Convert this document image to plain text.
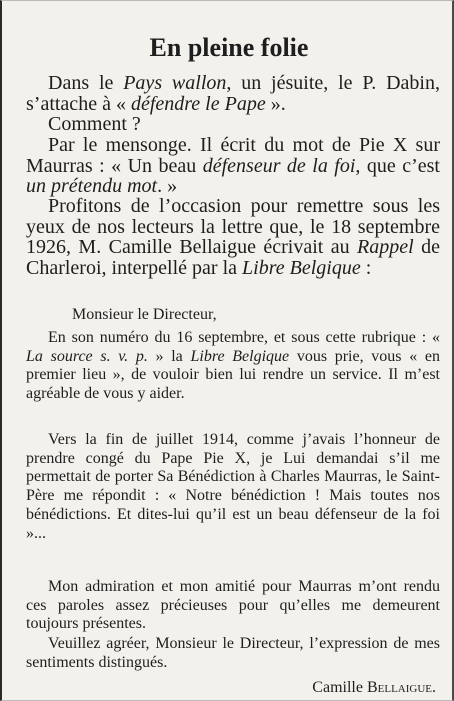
En pleine folie
Dans le Pays wallon, un jésuite, le P. Dabin, s’attache à « défendre le Pape ».
Comment ?
Par le mensonge. Il écrit du mot de Pie X sur Maurras : « Un beau défenseur de la foi, que c’est un prétendu mot. »
Profitons de l’occasion pour remettre sous les yeux de nos lecteurs la lettre que, le 18 septembre 1926, M. Camille Bellaigue écrivait au Rappel de Charleroi, interpellé par la Libre Belgique :
Monsieur le Directeur,
En son numéro du 16 septembre, et sous cette rubrique : « La source s. v. p. » la Libre Belgique vous prie, vous « en premier lieu », de vouloir bien lui rendre un service. Il m’est agréable de vous y aider.
Vers la fin de juillet 1914, comme j’avais l’honneur de prendre congé du Pape Pie X, je Lui demandai s’il me permettait de porter Sa Bénédiction à Charles Maurras, le Saint-Père me répondit : « Notre bénédiction ! Mais toutes nos bénédictions. Et dites-lui qu’il est un beau défenseur de la foi »...
Mon admiration et mon amitié pour Maurras m’ont rendu ces paroles assez précieuses pour qu’elles me demeurent toujours présentes.
Veuillez agréer, Monsieur le Directeur, l’expression de mes sentiments distingués.
Camille Bellaigue.
